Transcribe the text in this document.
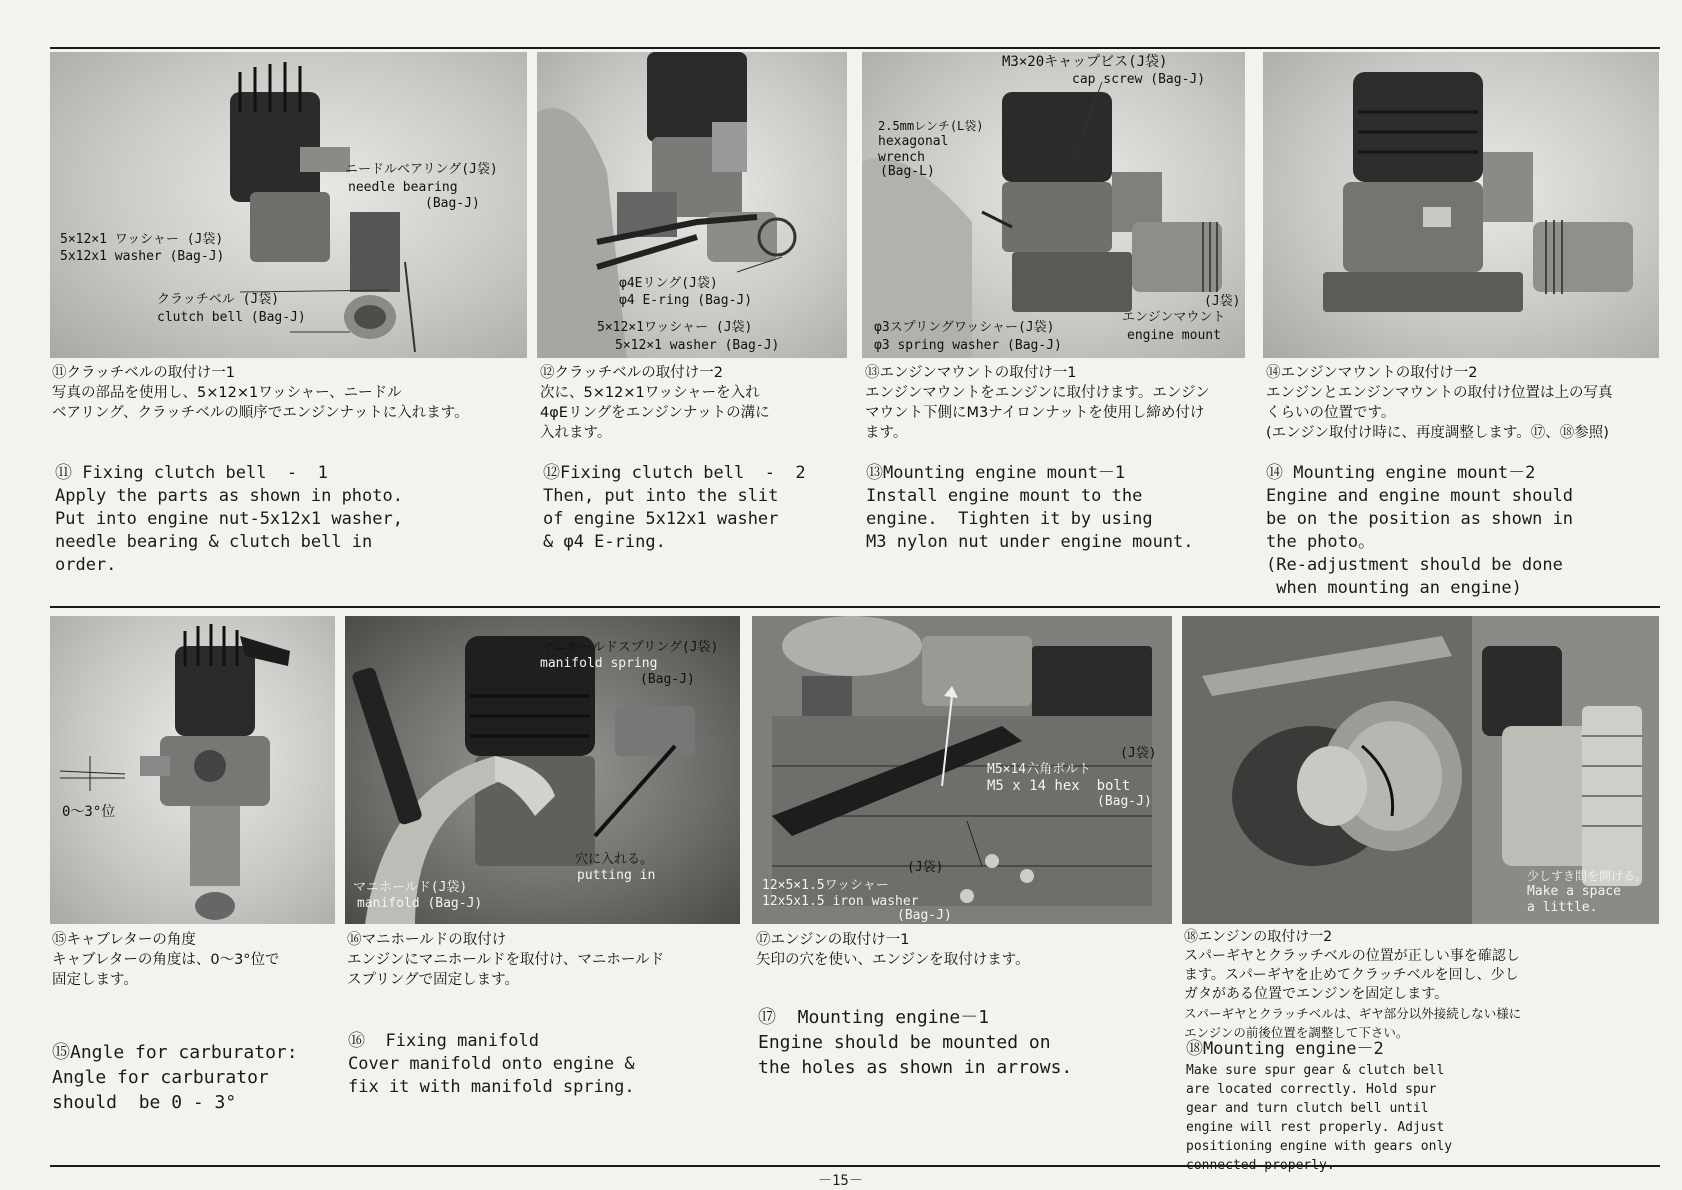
ニードルベアリング(J袋)
needle bearing
(Bag-J)
5×12×1 ワッシャー (J袋)
5x12x1 washer (Bag-J)
クラッチベル (J袋)
clutch bell (Bag-J)
φ4Eリング(J袋)
φ4 E-ring (Bag-J)
5×12×1ワッシャー (J袋)
5×12×1 washer (Bag-J)
M3×20キャップビス(J袋)
cap screw (Bag-J)
2.5mmレンチ(L袋)
hexagonal
wrench
(Bag-L)
(J袋)
エンジンマウント
engine mount
φ3スプリングワッシャー(J袋)
φ3 spring washer (Bag-J)
⑪クラッチベルの取付け一1
写真の部品を使用し、5×12×1ワッシャー、ニードル
ベアリング、クラッチベルの順序でエンジンナットに入れます。
⑪ Fixing clutch bell  -  1
Apply the parts as shown in photo.
Put into engine nut-5x12x1 washer,
needle bearing & clutch bell in
order.
⑫クラッチベルの取付け一2
次に、5×12×1ワッシャーを入れ
4φEリングをエンジンナットの溝に
入れます。
⑫Fixing clutch bell  -  2
Then, put into the slit
of engine 5x12x1 washer
& φ4 E-ring.
⑬エンジンマウントの取付け一1
エンジンマウントをエンジンに取付けます。エンジン
マウント下側にM3ナイロンナットを使用し締め付け
ます。
⑬Mounting engine mount－1
Install engine mount to the
engine.  Tighten it by using
M3 nylon nut under engine mount.
⑭エンジンマウントの取付け一2
エンジンとエンジンマウントの取付け位置は上の写真
くらいの位置です。
(エンジン取付け時に、再度調整します。⑰、⑱参照)
⑭ Mounting engine mount－2
Engine and engine mount should
be on the position as shown in
the photo。
(Re-adjustment should be done
when mounting an engine)
0～3°位
マニホールドスプリング(J袋)
manifold spring
(Bag-J)
マニホールド(J袋)
manifold (Bag-J)
穴に入れる。
putting in
(J袋)
M5×14六角ボルト
M5 x 14 hex  bolt
(Bag-J)
(J袋)
12×5×1.5ワッシャー
12x5x1.5 iron washer
(Bag-J)
少しすき間を開ける。
Make a space
a little.
⑮キャブレターの角度
キャブレターの角度は、0～3°位で
固定します。
⑮Angle for carburator:
Angle for carburator
should  be 0 - 3°
⑯マニホールドの取付け
エンジンにマニホールドを取付け、マニホールド
スプリングで固定します。
⑯  Fixing manifold
Cover manifold onto engine &
fix it with manifold spring.
⑰エンジンの取付け一1
矢印の穴を使い、エンジンを取付けます。
⑰  Mounting engine－1
Engine should be mounted on
the holes as shown in arrows.
⑱エンジンの取付け一2
スパーギヤとクラッチベルの位置が正しい事を確認し
ます。スパーギヤを止めてクラッチベルを回し、少し
ガタがある位置でエンジンを固定します。
スパーギヤとクラッチベルは、ギヤ部分以外接続しない様に
エンジンの前後位置を調整して下さい。
⑱Mounting engine－2
Make sure spur gear & clutch bell
are located correctly. Hold spur
gear and turn clutch bell until
engine will rest properly. Adjust
positioning engine with gears only
connected properly.
－15－
